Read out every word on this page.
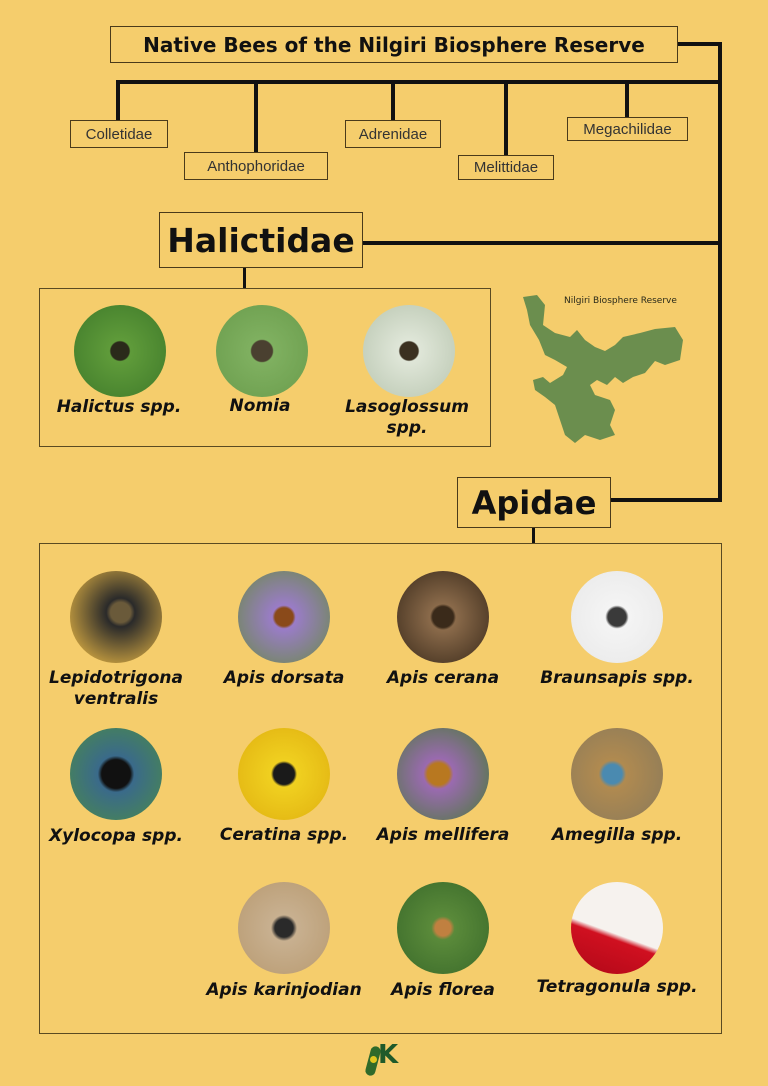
Native Bees of the Nilgiri Biosphere Reserve
Colletidae
Anthophoridae
Adrenidae
Melittidae
Megachilidae
Halictidae
Halictus spp.	Nomia	Lasoglossum spp.
Nilgiri Biosphere Reserve
Apidae
Lepidotrigona ventralis
Apis dorsata	Apis cerana	Braunsapis spp.
Xylocopa spp.	Ceratina spp.	Apis mellifera	Amegilla spp.
Apis karinjodian	Apis florea	Tetragonula spp.
K
